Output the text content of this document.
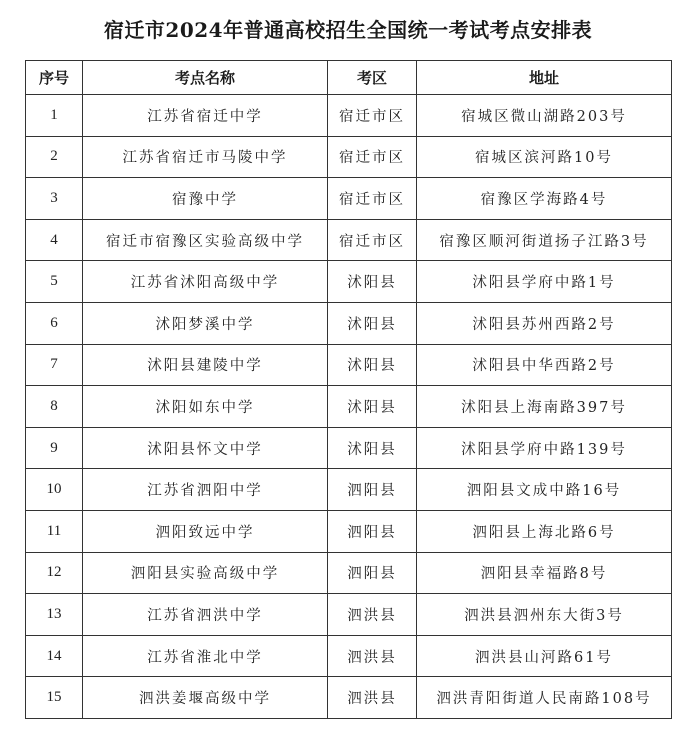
宿迁市2024年普通高校招生全国统一考试考点安排表
序号	考点名称	考区	地址
1	江苏省宿迁中学	宿迁市区	宿城区微山湖路203号
2	江苏省宿迁市马陵中学	宿迁市区	宿城区滨河路10号
3	宿豫中学	宿迁市区	宿豫区学海路4号
4	宿迁市宿豫区实验高级中学	宿迁市区	宿豫区顺河街道扬子江路3号
5	江苏省沭阳高级中学	沭阳县	沭阳县学府中路1号
6	沭阳梦溪中学	沭阳县	沭阳县苏州西路2号
7	沭阳县建陵中学	沭阳县	沭阳县中华西路2号
8	沭阳如东中学	沭阳县	沭阳县上海南路397号
9	沭阳县怀文中学	沭阳县	沭阳县学府中路139号
10	江苏省泗阳中学	泗阳县	泗阳县文成中路16号
11	泗阳致远中学	泗阳县	泗阳县上海北路6号
12	泗阳县实验高级中学	泗阳县	泗阳县幸福路8号
13	江苏省泗洪中学	泗洪县	泗洪县泗州东大街3号
14	江苏省淮北中学	泗洪县	泗洪县山河路61号
15	泗洪姜堰高级中学	泗洪县	泗洪青阳街道人民南路108号
